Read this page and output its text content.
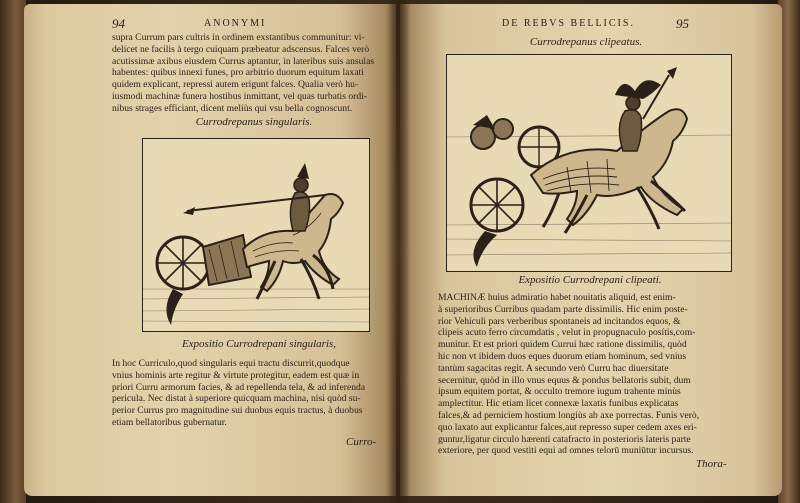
94	ANONYMI
supra Currum pars cultris in ordinem exstantibus communitur: vi-
delicet ne facilis à tergo cuiquam præbeatur adscensus. Falces verò
acutissimæ axibus eiusdem Currus aptantur, in lateribus suis ansulas
habentes: quibus innexi funes, pro arbitrio duorum equitum laxati
quidem explicant, repressi autem erigunt falces. Qualia verò hu-
iusmodi machinæ funera hostibus inmittant, vel quas turbatis ordi-
nibus strages efficiant, dicent meliùs qui vsu bella cognoscunt.
Currodrepanus singularis.
Expositio Currodrepani singularis,
In hoc Curriculo,quod singularis equi tractu discurrit,quodque
vnius hominis arte regitur & virtute protegitur, eadem est quæ in
priori Curru armorum facies, & ad repellenda tela, & ad inferenda
pericula. Nec distat à superiore quicquam machina, nisi quòd su-
perior Currus pro magnitudine sui duobus equis tractus, à duobus
etiam bellatoribus gubernatur.
Curro-
DE REBVS BELLICIS.	95
Currodrepanus clipeatus.
Expositio Currodrepani clipeati.
MACHINÆ huius admiratio habet nouitatis aliquid, est enim-
à superioribus Curribus quadam parte dissimilis. Hic enim poste-
rior Vehiculi pars verberibus spontaneis ad incitandos equos, &
clipeis acuto ferro circumdatis , velut in propugnaculo posítis,com-
munitur. Et est priori quidem Currui hæc ratione dissimilis, quòd
hic non vt ibidem duos eques duorum etiam hominum, sed vnius
tantùm sagacitas regit. A secundo verò Curru hac diuersitate
secernitur, quòd in illo vnus equus & pondus bellatoris subit, dum
ipsum equitem portat, & occulto tremore iugum trahente minùs
amplectitur. Hic etiam licet connexæ laxatis funibus explicatas
falces,& ad perniciem hostium longiùs ab axe porrectas. Funis verò,
quo laxato aut explicantur falces,aut represso super cedem axes eri-
guntur,ligatur circulo hærenti catafracto in posterioris lateris parte
exteriore, per quod vestiti equi ad omnes telorū muniūtur incursus.
Thora-
